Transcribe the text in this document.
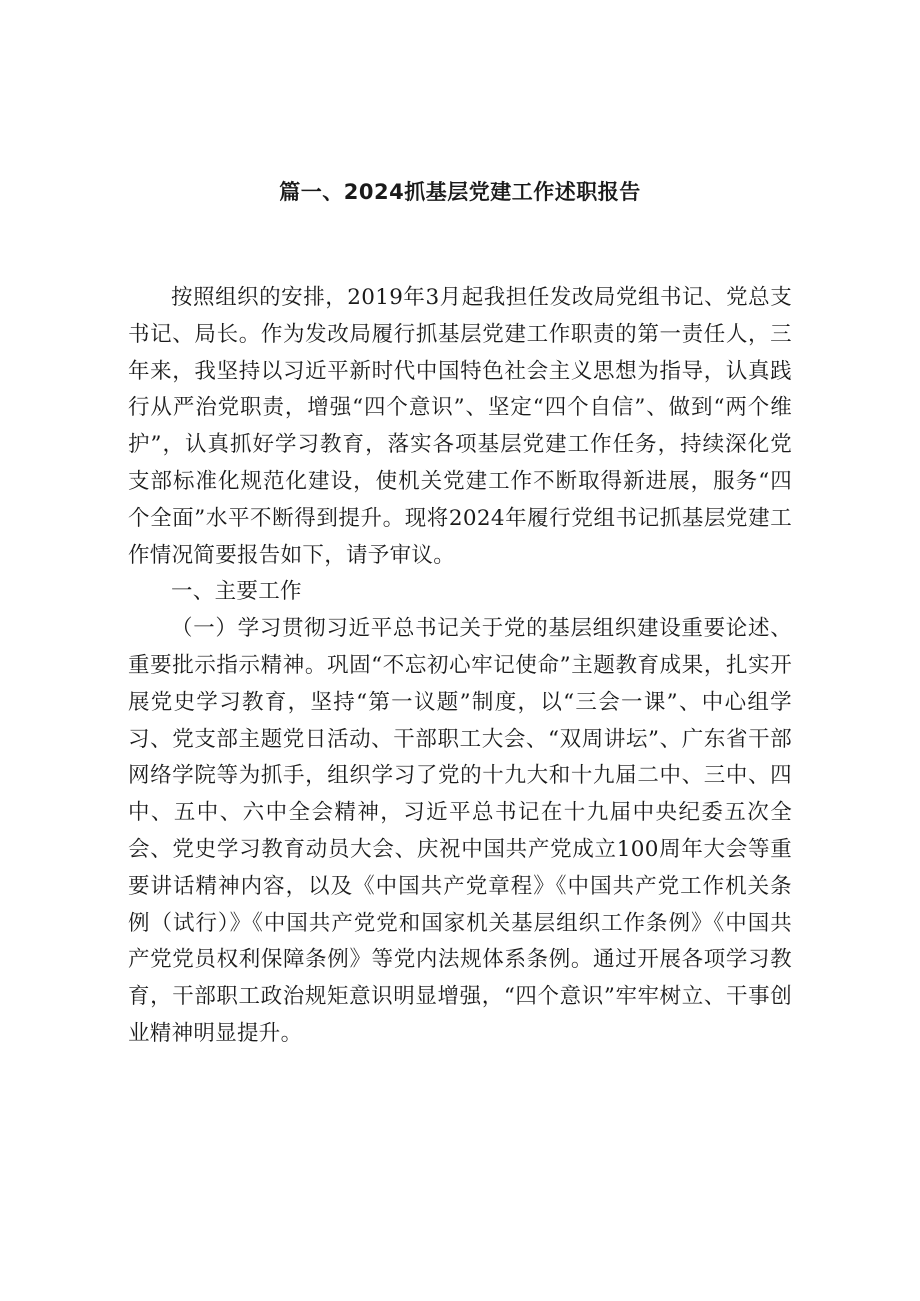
篇一、2024抓基层党建工作述职报告

按照组织的安排，2019年3月起我担任发改局党组书记、党总支书记、局长。作为发改局履行抓基层党建工作职责的第一责任人，三年来，我坚持以习近平新时代中国特色社会主义思想为指导，认真践行从严治党职责，增强“四个意识”、坚定“四个自信”、做到“两个维护”，认真抓好学习教育，落实各项基层党建工作任务，持续深化党支部标准化规范化建设，使机关党建工作不断取得新进展，服务“四个全面”水平不断得到提升。现将2024年履行党组书记抓基层党建工作情况简要报告如下，请予审议。

一、主要工作

（一）学习贯彻习近平总书记关于党的基层组织建设重要论述、重要批示指示精神。巩固“不忘初心牢记使命”主题教育成果，扎实开展党史学习教育，坚持“第一议题”制度，以“三会一课”、中心组学习、党支部主题党日活动、干部职工大会、“双周讲坛”、广东省干部网络学院等为抓手，组织学习了党的十九大和十九届二中、三中、四中、五中、六中全会精神，习近平总书记在十九届中央纪委五次全会、党史学习教育动员大会、庆祝中国共产党成立100周年大会等重要讲话精神内容，以及《中国共产党章程》《中国共产党工作机关条例（试行）》《中国共产党党和国家机关基层组织工作条例》《中国共产党党员权利保障条例》等党内法规体系条例。通过开展各项学习教育，干部职工政治规矩意识明显增强，“四个意识”牢牢树立、干事创业精神明显提升。
